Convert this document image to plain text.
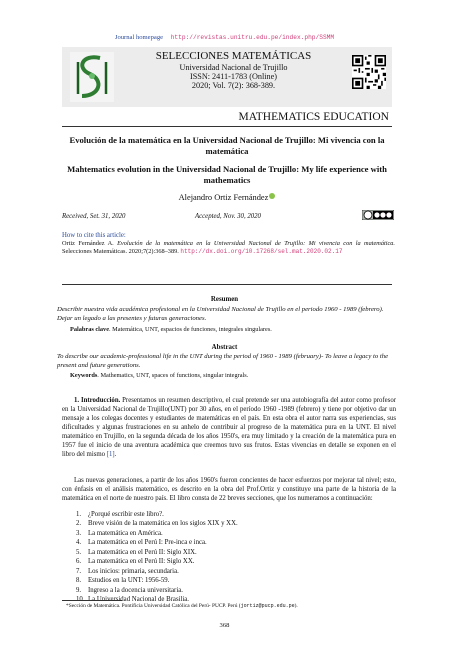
Journal homepage http://revistas.unitru.edu.pe/index.php/SSMM
SELECCIONES MATEMÁTICAS
Universidad Nacional de Trujillo
ISSN: 2411-1783 (Online)
2020; Vol. 7(2): 368-389.
MATHEMATICS EDUCATION
Evolución de la matemática en la Universidad Nacional de Trujillo: Mi vivencia con la matemática
Mahtematics evolution in the Universidad Nacional de Trujillo: My life experience with mathematics
Alejandro Ortiz Fernández
Received, Set. 31, 2020	Accepted, Nov. 30, 2020
How to cite this article:
Ortiz Fernández A. Evolución de la matemática en la Universidad Nacional de Trujillo: Mi vivencia con la matemática. Selecciones Matemáticas. 2020;7(2):368–389. http://dx.doi.org/10.17268/sel.mat.2020.02.17
Resumen
Describir nuestra vida académica profesional en la Universidad Nacional de Trujillo en el periodo 1960 - 1989 (febrero). Dejar un legado a las presentes y futuras generaciones.
Palabras clave. Matemática, UNT, espacios de funciones, integrales singulares.
Abstract
To describe our academic-professional life in the UNT during the period of 1960 - 1989 (february)- To leave a legacy to the present and future generations.
Keywords. Mathematics, UNT, spaces of functions, singular integrals.
1. Introducción. Presentamos un resumen descriptivo, el cual pretende ser una autobiografía del autor como profesor en la Universidad Nacional de Trujillo(UNT) por 30 años, en el período 1960 -1989 (febrero) y tiene por objetivo dar un mensaje a los colegas docentes y estudiantes de matemáticas en el país. En esta obra el autor narra sus experiencias, sus dificultades y algunas frustraciones en su anhelo de contribuir al progreso de la matemática pura en la UNT. El nivel matemático en Trujillo, en la segunda década de los años 1950's, era muy limitado y la creación de la matemática pura en 1957 fue el inicio de una aventura académica que creemos tuvo sus frutos. Estas vivencias en detalle se exponen en el libro del mismo [1].
Las nuevas generaciones, a partir de los años 1960's fueron concientes de hacer esfuerzos por mejorar tal nivel; esto, con énfasis en el análisis matemático, es descrito en la obra del Prof.Ortiz y constituye una parte de la historia de la matemática en el norte de nuestro país. El libro consta de 22 breves secciones, que los numeramos a continuación:
1. ¿Porqué escribir este libro?.
2. Breve visión de la matemática en los siglos XIX y XX.
3. La matemática en América.
4. La matemática en el Perú I: Pre-inca e inca.
5. La matemática en el Perú II: Siglo XIX.
6. La matemática en el Perú II: Siglo XX.
7. Los inicios: primaria, secundaria.
8. Estudios en la UNT: 1956-59.
9. Ingreso a la docencia universitaria.
10. La Universidad Nacional de Brasilia.
*Sección de Matemática. Pontificia Universidad Católica del Perú- PUCP. Perú (jortiz@pucp.edu.pe).
368
